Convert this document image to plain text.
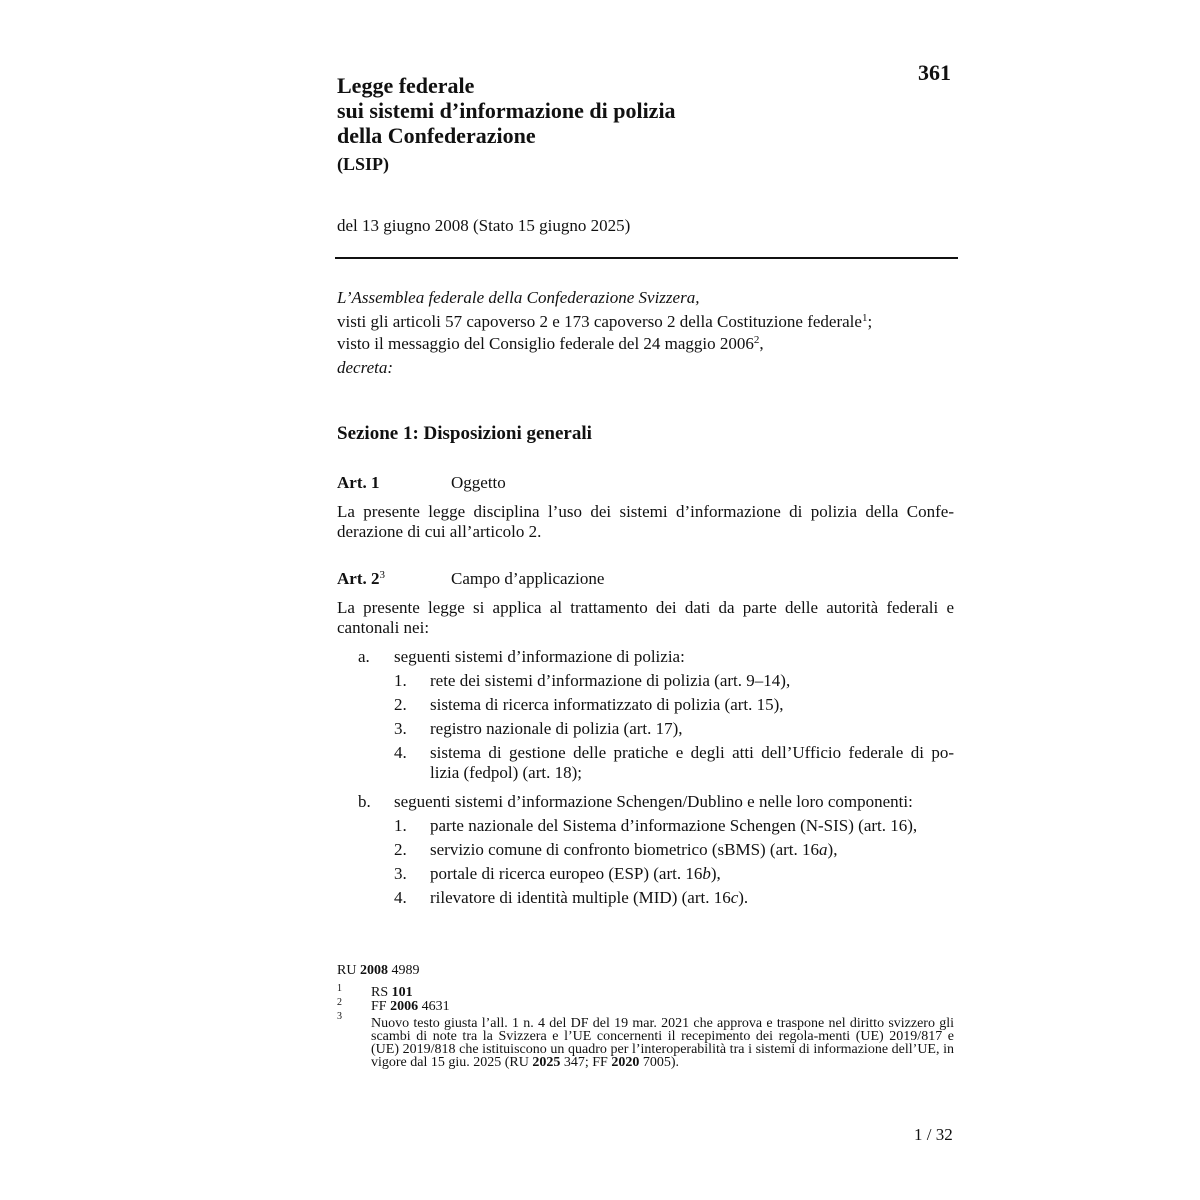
361
Legge federale
sui sistemi d’informazione di polizia
della Confederazione
(LSIP)
del 13 giugno 2008 (Stato 15 giugno 2025)
L’Assemblea federale della Confederazione Svizzera,
visti gli articoli 57 capoverso 2 e 173 capoverso 2 della Costituzione federale$^1$;
visto il messaggio del Consiglio federale del 24 maggio 2006$^2$,
decreta:
Sezione 1: Disposizioni generali
Art. 1	Oggetto
La presente legge disciplina l’uso dei sistemi d’informazione di polizia della Confe-
derazione di cui all’articolo 2.
Art. $2^3$	Campo d’applicazione
La presente legge si applica al trattamento dei dati da parte delle autorità federali e
cantonali nei:
a. seguenti sistemi d’informazione di polizia:
1. rete dei sistemi d’informazione di polizia (art. 9–14),
2. sistema di ricerca informatizzato di polizia (art. 15),
3. registro nazionale di polizia (art. 17),
4. sistema di gestione delle pratiche e degli atti dell’Ufficio federale di po-
lizia (fedpol) (art. 18);
b. seguenti sistemi d’informazione Schengen/Dublino e nelle loro componenti:
1. parte nazionale del Sistema d’informazione Schengen (N-SIS) (art. 16),
2. servizio comune di confronto biometrico (sBMS) (art. 16a),
3. portale di ricerca europeo (ESP) (art. 16b),
4. rilevatore di identità multiple (MID) (art. 16c).
RU 2008 4989
$^1$ RS 101
$^2$ FF 2006 4631
$^3$ Nuovo testo giusta l’all. 1 n. 4 del DF del 19 mar. 2021 che approva e traspone nel diritto svizzero gli scambi di note tra la Svizzera e l’UE concernenti il recepimento dei regola-menti (UE) 2019/817 e (UE) 2019/818 che istituiscono un quadro per l’interoperabilità tra i sistemi di informazione dell’UE, in vigore dal 15 giu. 2025 (RU 2025 347; FF 2020 7005).
1 / 32
